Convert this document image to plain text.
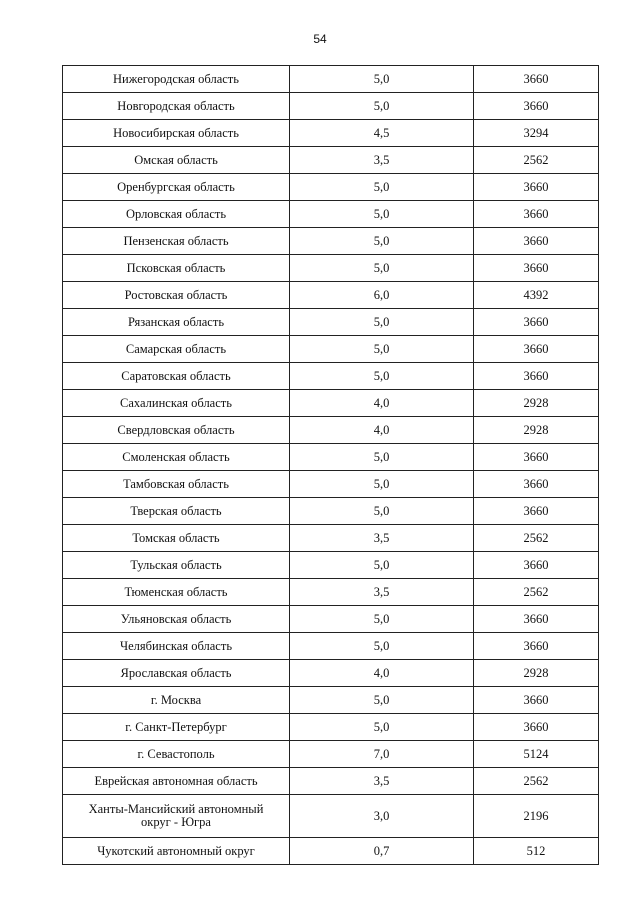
54
Нижегородская область	5,0	3660
Новгородская область	5,0	3660
Новосибирская область	4,5	3294
Омская область	3,5	2562
Оренбургская область	5,0	3660
Орловская область	5,0	3660
Пензенская область	5,0	3660
Псковская область	5,0	3660
Ростовская область	6,0	4392
Рязанская область	5,0	3660
Самарская область	5,0	3660
Саратовская область	5,0	3660
Сахалинская область	4,0	2928
Свердловская область	4,0	2928
Смоленская область	5,0	3660
Тамбовская область	5,0	3660
Тверская область	5,0	3660
Томская область	3,5	2562
Тульская область	5,0	3660
Тюменская область	3,5	2562
Ульяновская область	5,0	3660
Челябинская область	5,0	3660
Ярославская область	4,0	2928
г. Москва	5,0	3660
г. Санкт-Петербург	5,0	3660
г. Севастополь	7,0	5124
Еврейская автономная область	3,5	2562
Ханты-Мансийский автономный округ - Югра	3,0	2196
Чукотский автономный округ	0,7	512
